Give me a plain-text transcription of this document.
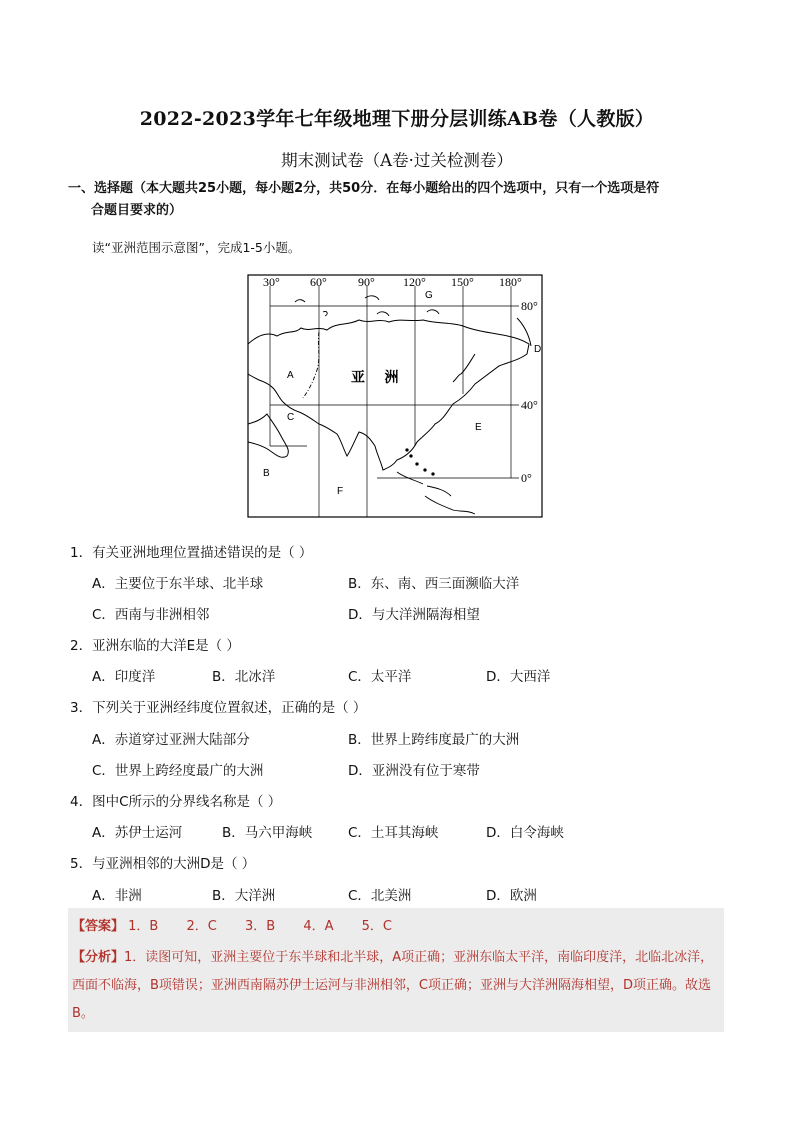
2022-2023学年七年级地理下册分层训练AB卷（人教版）
期末测试卷（A卷·过关检测卷）
一、选择题（本大题共25小题，每小题2分，共50分．在每小题给出的四个选项中，只有一个选项是符
合题目要求的）
读“亚洲范围示意图”，完成1-5小题。
30°	60°	90° 120° 150° 180°
80°
40°
0°
亚    洲
A
B
C
D
E
F
G
1．有关亚洲地理位置描述错误的是（ ）
A．主要位于东半球、北半球	B．东、南、西三面濒临大洋
C．西南与非洲相邻	D．与大洋洲隔海相望
2．亚洲东临的大洋E是（ ）
A．印度洋	B．北冰洋	C．太平洋	D．大西洋
3．下列关于亚洲经纬度位置叙述，正确的是（ ）
A．赤道穿过亚洲大陆部分	B．世界上跨纬度最广的大洲
C．世界上跨经度最广的大洲	D．亚洲没有位于寒带
4．图中C所示的分界线名称是（ ）
A．苏伊士运河	B．马六甲海峡	C．土耳其海峡	D．白令海峡
5．与亚洲相邻的大洲D是（ ）
A．非洲	B．大洋洲	C．北美洲	D．欧洲
【答案】 1．B 2．C 3．B 4．A 5．C
【分析】1．读图可知，亚洲主要位于东半球和北半球，A项正确；亚洲东临太平洋，南临印度洋，北临北冰洋，西面不临海，B项错误；亚洲西南隔苏伊士运河与非洲相邻，C项正确；亚洲与大洋洲隔海相望，D项正确。故选B。
